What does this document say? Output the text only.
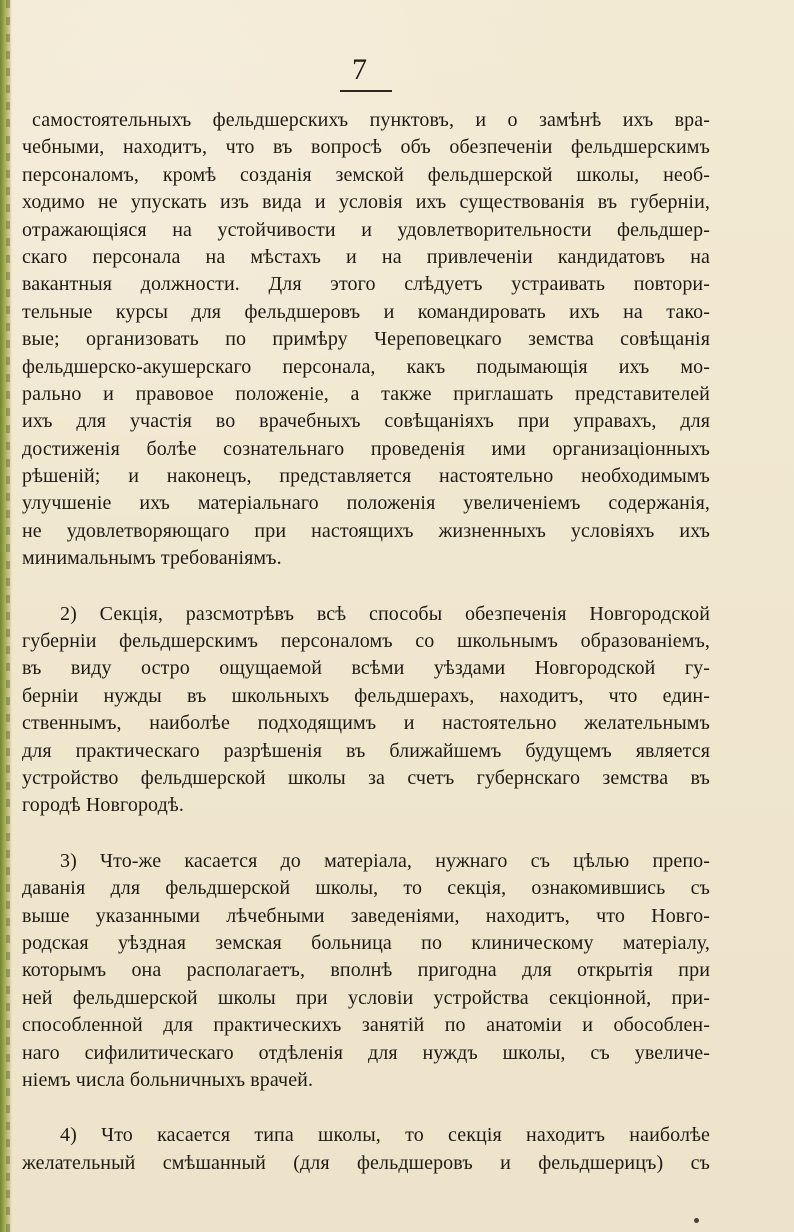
7
самостоятельныхъ фельдшерскихъ пунктовъ, и о замѣнѣ ихъ вра-
чебными, находитъ, что въ вопросѣ объ обезпеченіи фельдшерскимъ
персоналомъ, кромѣ созданія земской фельдшерской школы, необ-
ходимо не упускать изъ вида и условія ихъ существованія въ губерніи,
отражающіяся на устойчивости и удовлетворительности фельдшер-
скаго персонала на мѣстахъ и на привлеченіи кандидатовъ на
вакантныя должности. Для этого слѣдуетъ устраивать повтори-
тельные курсы для фельдшеровъ и командировать ихъ на тако-
вые; организовать по примѣру Череповецкаго земства совѣщанія
фельдшерско-акушерскаго персонала, какъ подымающія ихъ мо-
рально и правовое положеніе, а также приглашать представителей
ихъ для участія во врачебныхъ совѣщаніяхъ при управахъ, для
достиженія болѣе сознательнаго проведенія ими организаціонныхъ
рѣшеній; и наконецъ, представляется настоятельно необходимымъ
улучшеніе ихъ матеріальнаго положенія увеличеніемъ содержанія,
не удовлетворяющаго при настоящихъ жизненныхъ условіяхъ ихъ
минимальнымъ требованіямъ.
2) Секція, разсмотрѣвъ всѣ способы обезпеченія Новгородской
губерніи фельдшерскимъ персоналомъ со школьнымъ образованіемъ,
въ виду остро ощущаемой всѣми уѣздами Новгородской гу-
берніи нужды въ школьныхъ фельдшерахъ, находитъ, что един-
ственнымъ, наиболѣе подходящимъ и настоятельно желательнымъ
для практическаго разрѣшенія въ ближайшемъ будущемъ является
устройство фельдшерской школы за счетъ губернскаго земства въ
городѣ Новгородѣ.
3) Что-же касается до матеріала, нужнаго съ цѣлью препо-
даванія для фельдшерской школы, то секція, ознакомившись съ
выше указанными лѣчебными заведеніями, находитъ, что Новго-
родская уѣздная земская больница по клиническому матеріалу,
которымъ она располагаетъ, вполнѣ пригодна для открытія при
ней фельдшерской школы при условіи устройства секціонной, при-
способленной для практическихъ занятій по анатоміи и обособлен-
наго сифилитическаго отдѣленія для нуждъ школы, съ увеличе-
ніемъ числа больничныхъ врачей.
4) Что касается типа школы, то секція находитъ наиболѣе
желательный смѣшанный (для фельдшеровъ и фельдшерицъ) съ
